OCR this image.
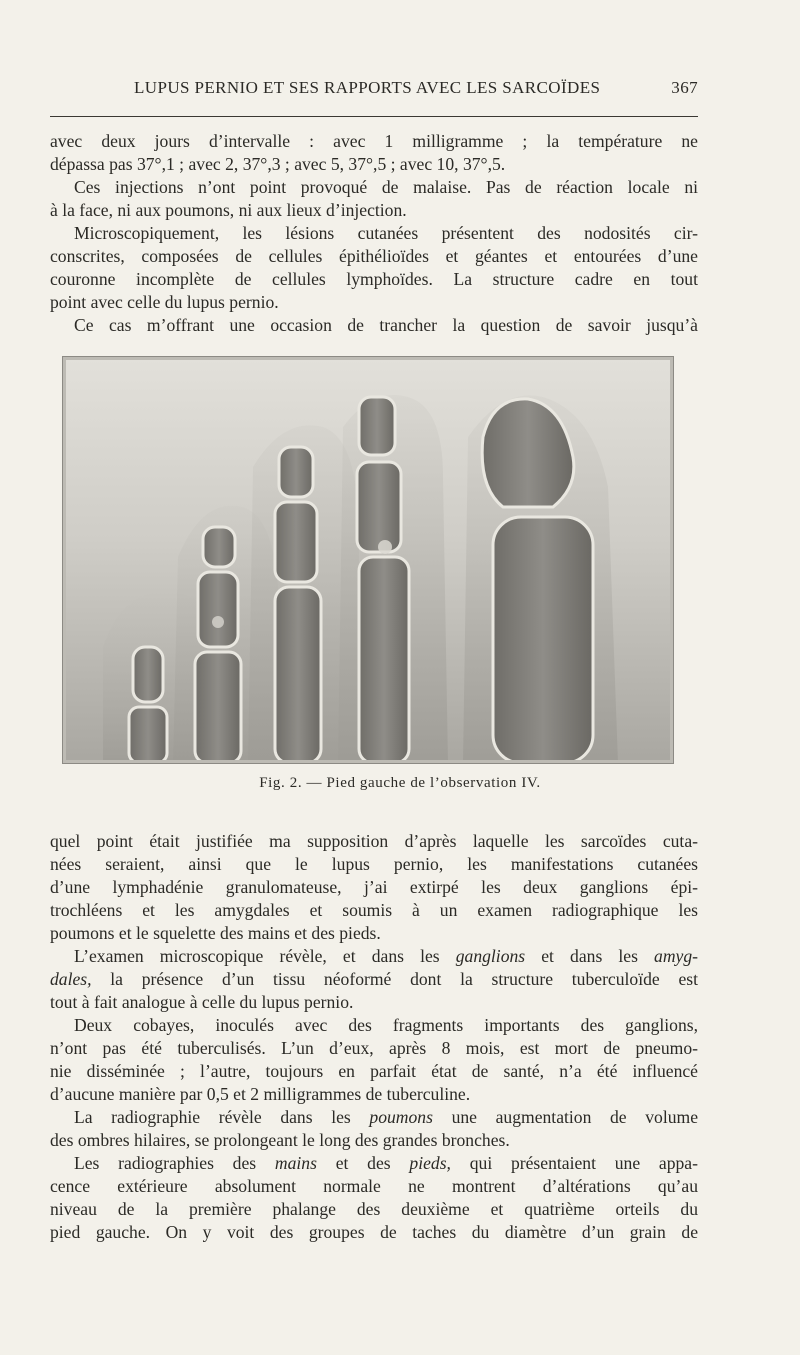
LUPUS PERNIO ET SES RAPPORTS AVEC LES SARCOÏDES	367
avec deux jours d’intervalle : avec 1 milligramme ; la température ne
dépassa pas 37°,1 ; avec 2, 37°,3 ; avec 5, 37°,5 ; avec 10, 37°,5.
Ces injections n’ont point provoqué de malaise. Pas de réaction locale ni
à la face, ni aux poumons, ni aux lieux d’injection.
Microscopiquement, les lésions cutanées présentent des nodosités cir-
conscrites, composées de cellules épithélioïdes et géantes et entourées d’une
couronne incomplète de cellules lymphoïdes. La structure cadre en tout
point avec celle du lupus pernio.
Ce cas m’offrant une occasion de trancher la question de savoir jusqu’à
Fig. 2. — Pied gauche de l’observation IV.
quel point était justifiée ma supposition d’après laquelle les sarcoïdes cuta-
nées seraient, ainsi que le lupus pernio, les manifestations cutanées
d’une lymphadénie granulomateuse, j’ai extirpé les deux ganglions épi-
trochléens et les amygdales et soumis à un examen radiographique les
poumons et le squelette des mains et des pieds.
L’examen microscopique révèle, et dans les ganglions et dans les amyg-
dales, la présence d’un tissu néoformé dont la structure tuberculoïde est
tout à fait analogue à celle du lupus pernio.
Deux cobayes, inoculés avec des fragments importants des ganglions,
n’ont pas été tuberculisés. L’un d’eux, après 8 mois, est mort de pneumo-
nie disséminée ; l’autre, toujours en parfait état de santé, n’a été influencé
d’aucune manière par 0,5 et 2 milligrammes de tuberculine.
La radiographie révèle dans les poumons une augmentation de volume
des ombres hilaires, se prolongeant le long des grandes bronches.
Les radiographies des mains et des pieds, qui présentaient une appa-
cence extérieure absolument normale ne montrent d’altérations qu’au
niveau de la première phalange des deuxième et quatrième orteils du
pied gauche. On y voit des groupes de taches du diamètre d’un grain de
